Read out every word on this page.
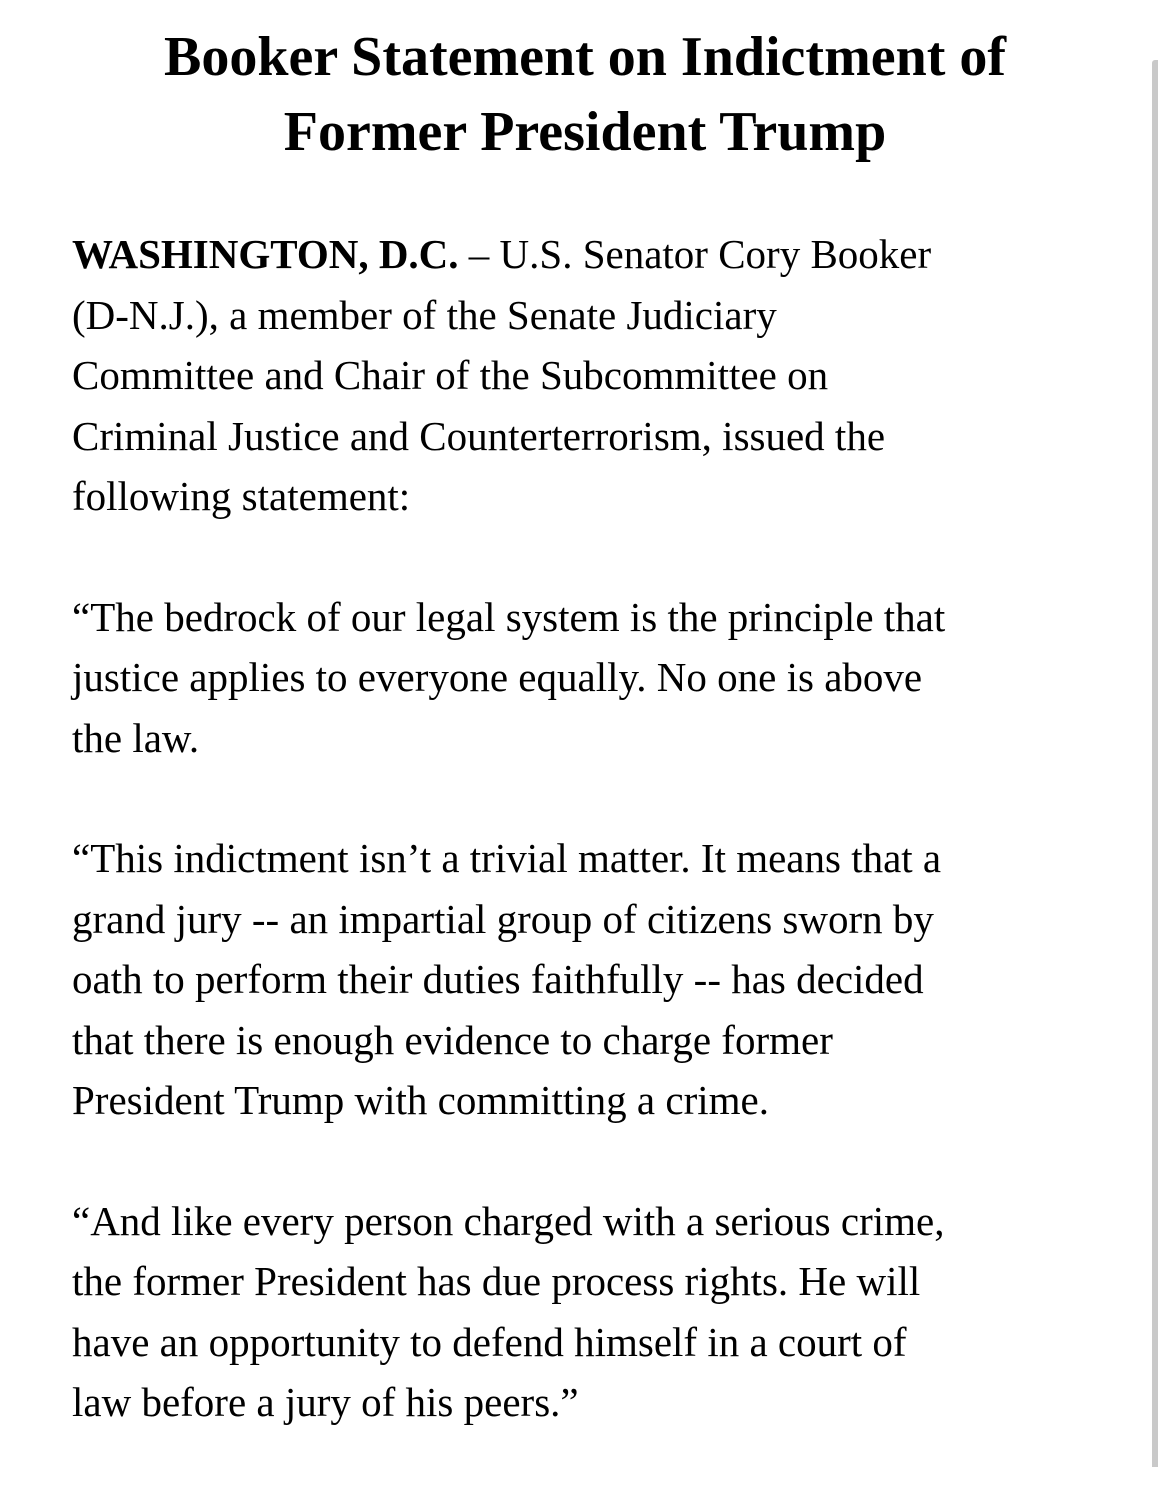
Booker Statement on Indictment of
Former President Trump

WASHINGTON, D.C. – U.S. Senator Cory Booker
(D-N.J.), a member of the Senate Judiciary
Committee and Chair of the Subcommittee on
Criminal Justice and Counterterrorism, issued the
following statement:

“The bedrock of our legal system is the principle that
justice applies to everyone equally. No one is above
the law.

“This indictment isn’t a trivial matter. It means that a
grand jury -- an impartial group of citizens sworn by
oath to perform their duties faithfully -- has decided
that there is enough evidence to charge former
President Trump with committing a crime.

“And like every person charged with a serious crime,
the former President has due process rights. He will
have an opportunity to defend himself in a court of
law before a jury of his peers.”
